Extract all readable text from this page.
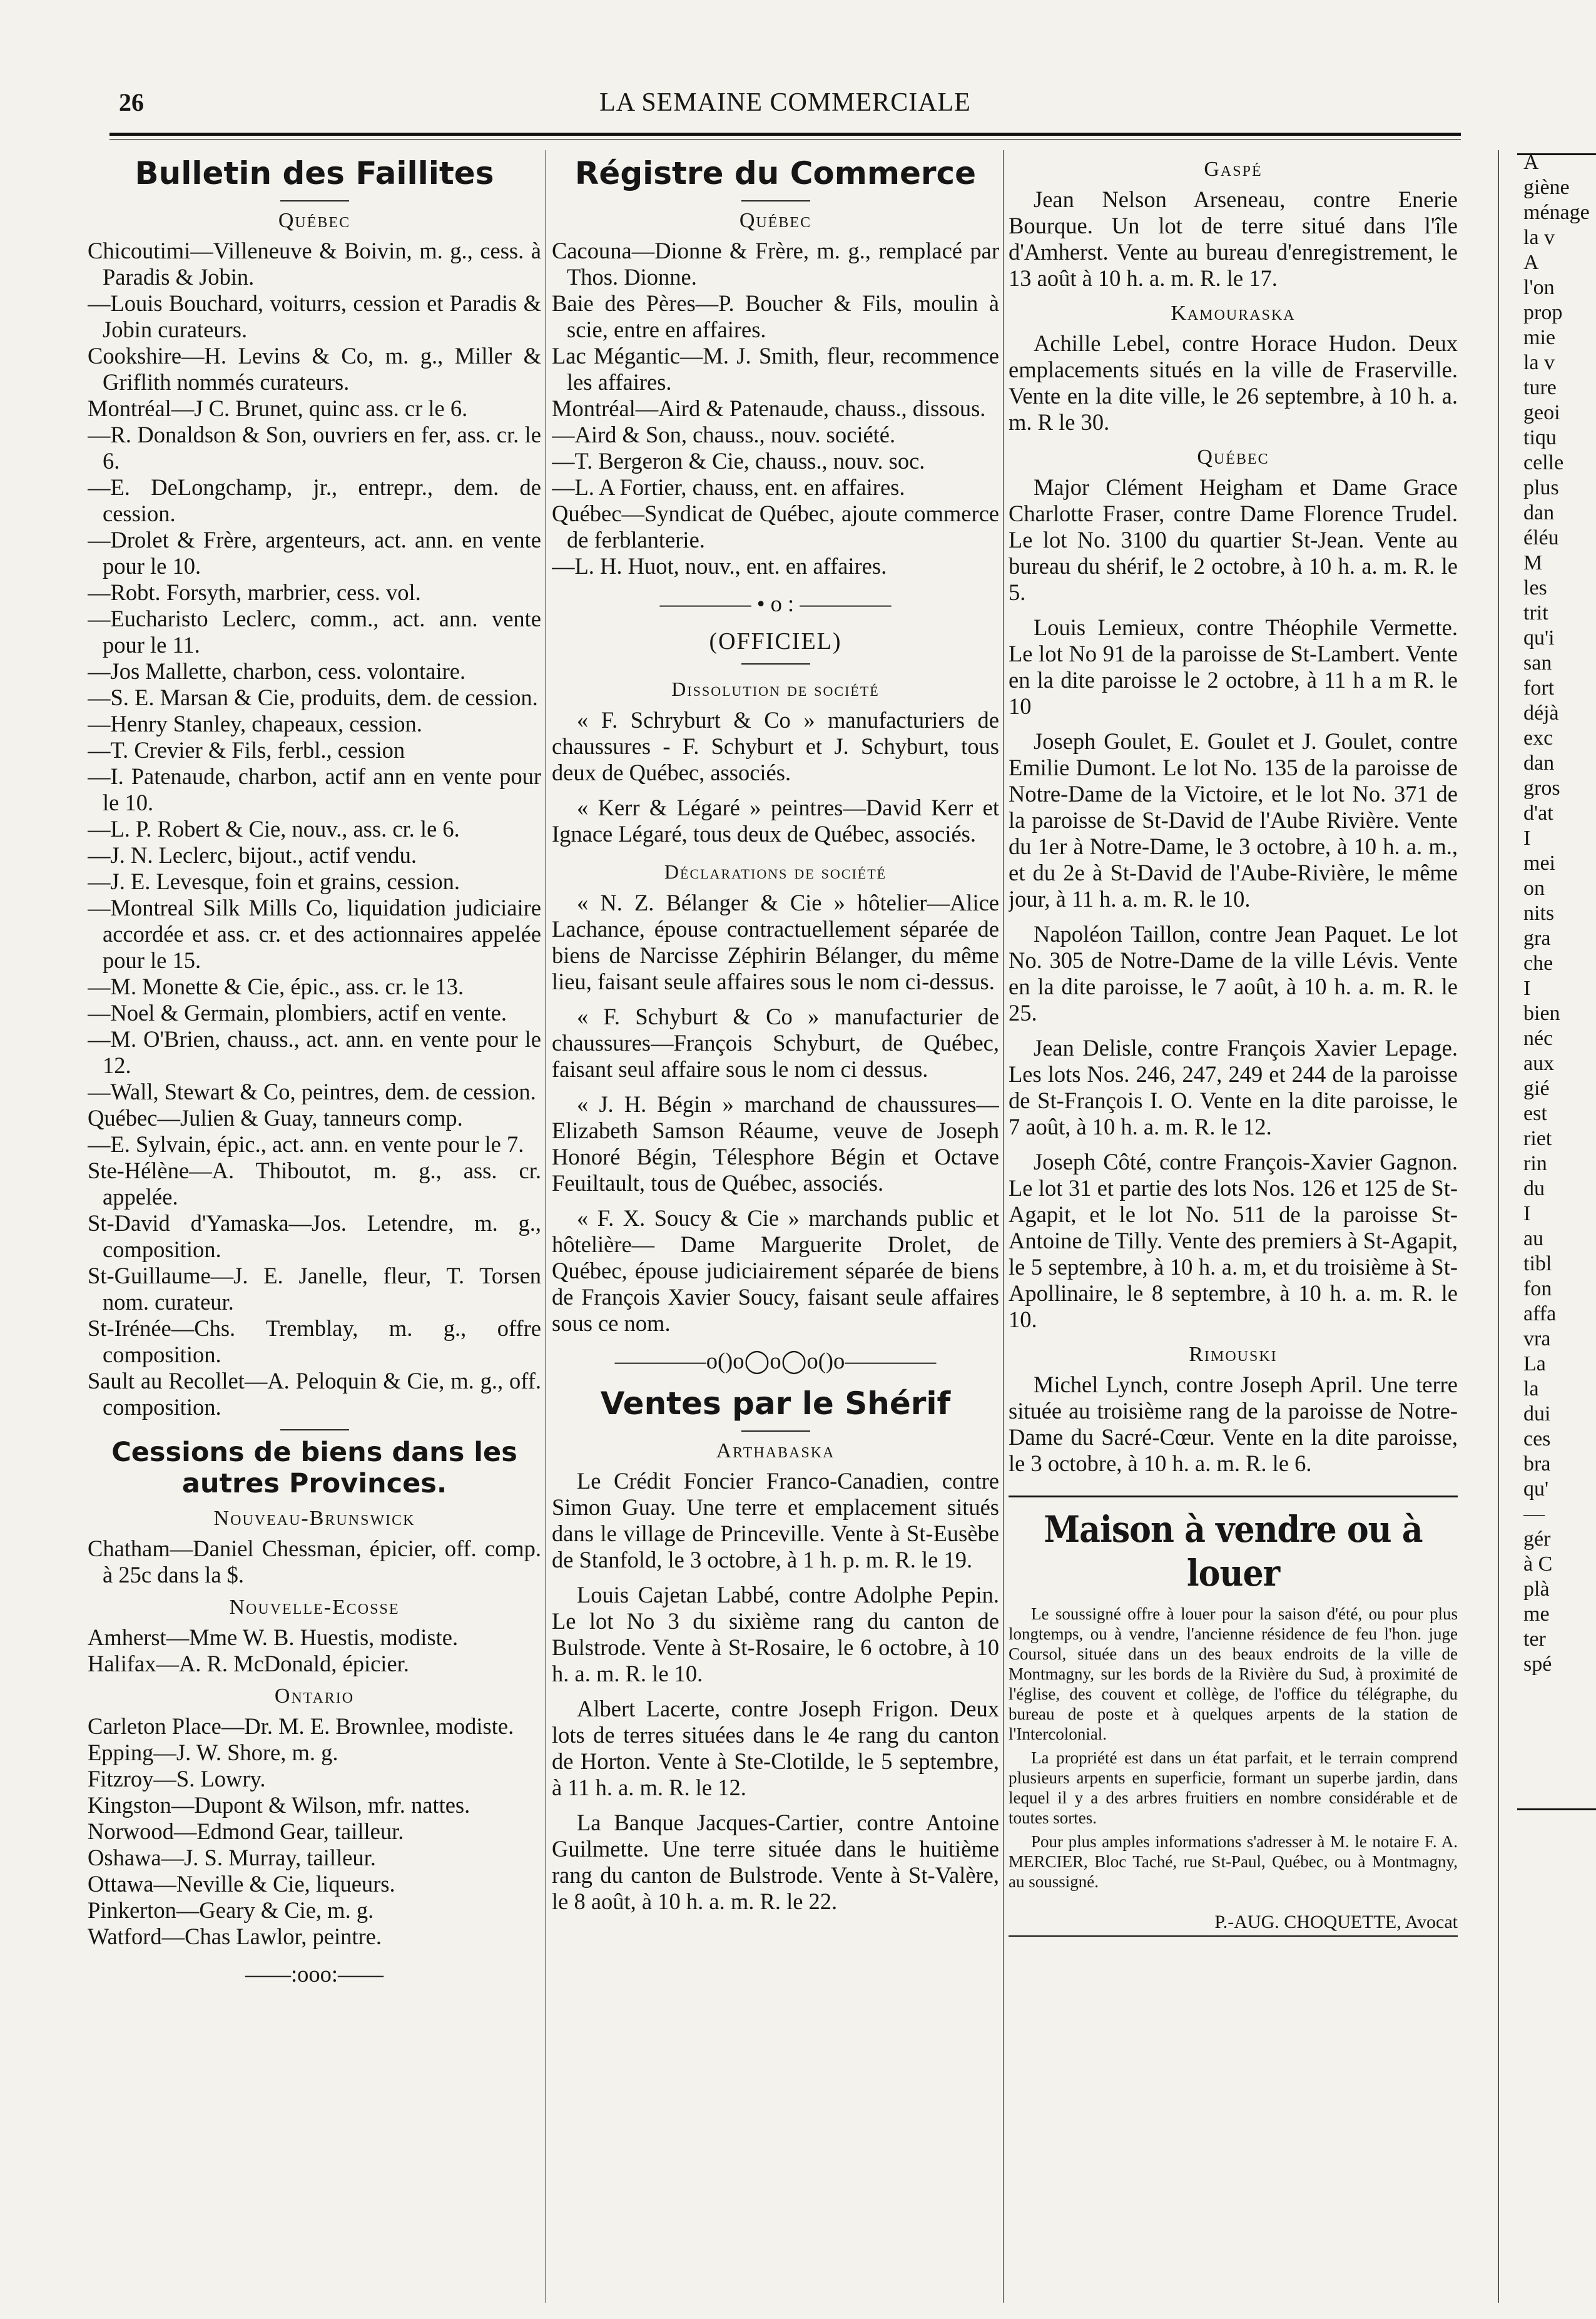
26	LA SEMAINE COMMERCIALE
Bulletin des Faillites
Québec

Chicoutimi—Villeneuve & Boivin, m. g., cess. à Paradis & Jobin.

—Louis Bouchard, voiturrs, cession et Paradis & Jobin curateurs.

Cookshire—H. Levins & Co, m. g., Miller & Griflith nommés curateurs.

Montréal—J C. Brunet, quinc ass. cr le 6.

—R. Donaldson & Son, ouvriers en fer, ass. cr. le 6.

—E. DeLongchamp, jr., entrepr., dem. de cession.

—Drolet & Frère, argenteurs, act. ann. en vente pour le 10.

—Robt. Forsyth, marbrier, cess. vol.

—Eucharisto Leclerc, comm., act. ann. vente pour le 11.

—Jos Mallette, charbon, cess. volontaire.

—S. E. Marsan & Cie, produits, dem. de cession.

—Henry Stanley, chapeaux, cession.

—T. Crevier & Fils, ferbl., cession

—I. Patenaude, charbon, actif ann en vente pour le 10.

—L. P. Robert & Cie, nouv., ass. cr. le 6.

—J. N. Leclerc, bijout., actif vendu.

—J. E. Levesque, foin et grains, cession.

—Montreal Silk Mills Co, liquidation judiciaire accordée et ass. cr. et des actionnaires appelée pour le 15.

—M. Monette & Cie, épic., ass. cr. le 13.

—Noel & Germain, plombiers, actif en vente.

—M. O'Brien, chauss., act. ann. en vente pour le 12.

—Wall, Stewart & Co, peintres, dem. de cession.

Québec—Julien & Guay, tanneurs comp.

—E. Sylvain, épic., act. ann. en vente pour le 7.

Ste-Hélène—A. Thiboutot, m. g., ass. cr. appelée.

St-David d'Yamaska—Jos. Letendre, m. g., composition.

St-Guillaume—J. E. Janelle, fleur, T. Torsen nom. curateur.

St-Irénée—Chs. Tremblay, m. g., offre composition.

Sault au Recollet—A. Peloquin & Cie, m. g., off. composition.

Cessions de biens dans les autres Provinces.
Nouveau-Brunswick

Chatham—Daniel Chessman, épicier, off. comp. à 25c dans la $.

Nouvelle-Ecosse

Amherst—Mme W. B. Huestis, modiste.

Halifax—A. R. McDonald, épicier.

Ontario

Carleton Place—Dr. M. E. Brownlee, modiste.

Epping—J. W. Shore, m. g.

Fitzroy—S. Lowry.

Kingston—Dupont & Wilson, mfr. nattes.

Norwood—Edmond Gear, tailleur.

Oshawa—J. S. Murray, tailleur.

Ottawa—Neville & Cie, liqueurs.

Pinkerton—Geary & Cie, m. g.

Watford—Chas Lawlor, peintre.

——:ooo:——
Régistre du Commerce
Québec

Cacouna—Dionne & Frère, m. g., remplacé par Thos. Dionne.

Baie des Pères—P. Boucher & Fils, moulin à scie, entre en affaires.

Lac Mégantic—M. J. Smith, fleur, recommence les affaires.

Montréal—Aird & Patenaude, chauss., dissous.

—Aird & Son, chauss., nouv. société.

—T. Bergeron & Cie, chauss., nouv. soc.

—L. A Fortier, chauss, ent. en affaires.

Québec—Syndicat de Québec, ajoute commerce de ferblanterie.

—L. H. Huot, nouv., ent. en affaires.

———— • o : ————
(OFFICIEL)
Dissolution de société

« F. Schryburt & Co » manufacturiers de chaussures - F. Schyburt et J. Schyburt, tous deux de Québec, associés.

« Kerr & Légaré » peintres—David Kerr et Ignace Légaré, tous deux de Québec, associés.

Déclarations de société

« N. Z. Bélanger & Cie » hôtelier—Alice Lachance, épouse contractuellement séparée de biens de Narcisse Zéphirin Bélanger, du même lieu, faisant seule affaires sous le nom ci-dessus.

« F. Schyburt & Co » manufacturier de chaussures—François Schyburt, de Québec, faisant seul affaire sous le nom ci dessus.

« J. H. Bégin » marchand de chaussures—Elizabeth Samson Réaume, veuve de Joseph Honoré Bégin, Télesphore Bégin et Octave Feuiltault, tous de Québec, associés.

« F. X. Soucy & Cie » marchands public et hôtelière— Dame Marguerite Drolet, de Québec, épouse judiciairement séparée de biens de François Xavier Soucy, faisant seule affaires sous ce nom.

————o()o◯o◯o()o————
Ventes par le Shérif
Arthabaska

Le Crédit Foncier Franco-Canadien, contre Simon Guay. Une terre et emplacement situés dans le village de Princeville. Vente à St-Eusèbe de Stanfold, le 3 octobre, à 1 h. p. m. R. le 19.

Louis Cajetan Labbé, contre Adolphe Pepin. Le lot No 3 du sixième rang du canton de Bulstrode. Vente à St-Rosaire, le 6 octobre, à 10 h. a. m. R. le 10.

Albert Lacerte, contre Joseph Frigon. Deux lots de terres situées dans le 4e rang du canton de Horton. Vente à Ste-Clotilde, le 5 septembre, à 11 h. a. m. R. le 12.

La Banque Jacques-Cartier, contre Antoine Guilmette. Une terre située dans le huitième rang du canton de Bulstrode. Vente à St-Valère, le 8 août, à 10 h. a. m. R. le 22.

Gaspé

Jean Nelson Arseneau, contre Enerie Bourque. Un lot de terre situé dans l'île d'Amherst. Vente au bureau d'enregistrement, le 13 août à 10 h. a. m. R. le 17.

Kamouraska

Achille Lebel, contre Horace Hudon. Deux emplacements situés en la ville de Fraserville. Vente en la dite ville, le 26 septembre, à 10 h. a. m. R le 30.

Québec

Major Clément Heigham et Dame Grace Charlotte Fraser, contre Dame Florence Trudel. Le lot No. 3100 du quartier St-Jean. Vente au bureau du shérif, le 2 octobre, à 10 h. a. m. R. le 5.

Louis Lemieux, contre Théophile Vermette. Le lot No 91 de la paroisse de St-Lambert. Vente en la dite paroisse le 2 octobre, à 11 h a m R. le 10

Joseph Goulet, E. Goulet et J. Goulet, contre Emilie Dumont. Le lot No. 135 de la paroisse de Notre-Dame de la Victoire, et le lot No. 371 de la paroisse de St-David de l'Aube Rivière. Vente du 1er à Notre-Dame, le 3 octobre, à 10 h. a. m., et du 2e à St-David de l'Aube-Rivière, le même jour, à 11 h. a. m. R. le 10.

Napoléon Taillon, contre Jean Paquet. Le lot No. 305 de Notre-Dame de la ville Lévis. Vente en la dite paroisse, le 7 août, à 10 h. a. m. R. le 25.

Jean Delisle, contre François Xavier Lepage. Les lots Nos. 246, 247, 249 et 244 de la paroisse de St-François I. O. Vente en la dite paroisse, le 7 août, à 10 h. a. m. R. le 12.

Joseph Côté, contre François-Xavier Gagnon. Le lot 31 et partie des lots Nos. 126 et 125 de St-Agapit, et le lot No. 511 de la paroisse St-Antoine de Tilly. Vente des premiers à St-Agapit, le 5 septembre, à 10 h. a. m, et du troisième à St-Apollinaire, le 8 septembre, à 10 h. a. m. R. le 10.

Rimouski

Michel Lynch, contre Joseph April. Une terre située au troisième rang de la paroisse de Notre-Dame du Sacré-Cœur. Vente en la dite paroisse, le 3 octobre, à 10 h. a. m. R. le 6.

Maison à vendre ou à louer

Le soussigné offre à louer pour la saison d'été, ou pour plus longtemps, ou à vendre, l'ancienne résidence de feu l'hon. juge Coursol, située dans un des beaux endroits de la ville de Montmagny, sur les bords de la Rivière du Sud, à proximité de l'église, des couvent et collège, de l'office du télégraphe, du bureau de poste et à quelques arpents de la station de l'Intercolonial.

La propriété est dans un état parfait, et le terrain comprend plusieurs arpents en superficie, formant un superbe jardin, dans lequel il y a des arbres fruitiers en nombre considérable et de toutes sortes.

Pour plus amples informations s'adresser à M. le notaire F. A. MERCIER, Bloc Taché, rue St-Paul, Québec, ou à Montmagny, au soussigné.

P.-AUG. CHOQUETTE, Avocat

A

giène

ménage

la v

A

l'on

prop

mie

la v

ture

geoi

tiqu

celle

plus

dan

éléu

M

les

trit

qu'i

san

fort

déjà

exc

dan

gros

d'at

I

mei

on

nits

gra

che

I

bien

néc

aux

gié

est

riet

rin

du

I

au

tibl

fon

affa

vra

La

la

dui

ces

bra

qu'

—

gér

à C

plà

me

ter

spé
